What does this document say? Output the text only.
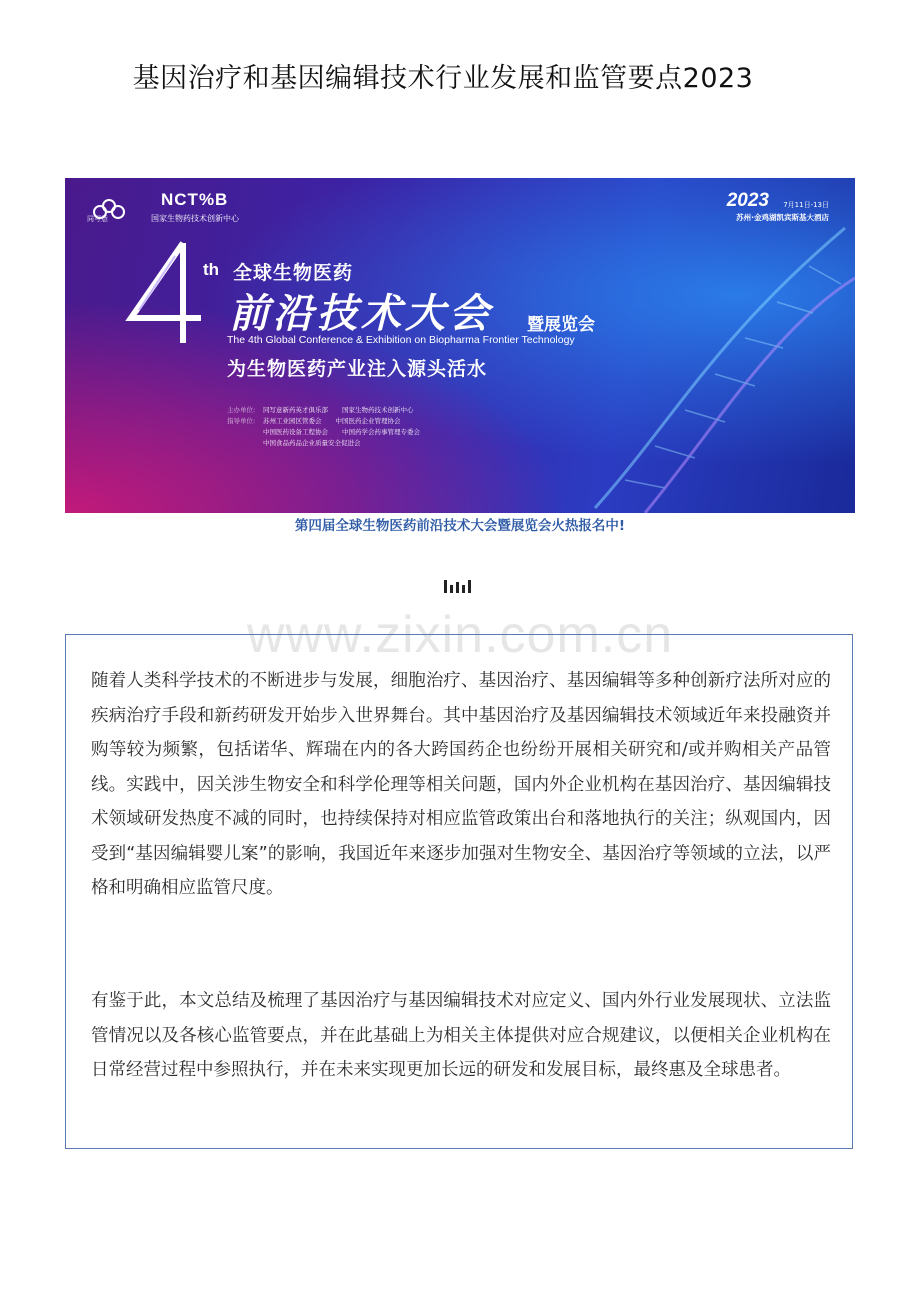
基因治疗和基因编辑技术行业发展和监管要点2023
同写意
NCT%B
国家生物药技术创新中心
2023 7月11日-13日
苏州·金鸡湖凯宾斯基大酒店
th 全球生物医药
前沿技术大会 暨展览会
The 4th Global Conference & Exhibition on Biopharma Frontier Technology
为生物医药产业注入源头活水
主办单位: 同写意新药英才俱乐部 国家生物药技术创新中心
指导单位: 苏州工业园区管委会 中国医药企业管理协会
中国医药设备工程协会 中国药学会药事管理专委会
中国食品药品企业质量安全促进会
第四届全球生物医药前沿技术大会暨展览会火热报名中!
www.zixin.com.cn

随着人类科学技术的不断进步与发展，细胞治疗、基因治疗、基因编辑等多种创新疗法所对应的疾病治疗手段和新药研发开始步入世界舞台。其中基因治疗及基因编辑技术领域近年来投融资并购等较为频繁，包括诺华、辉瑞在内的各大跨国药企也纷纷开展相关研究和/或并购相关产品管线。实践中，因关涉生物安全和科学伦理等相关问题，国内外企业机构在基因治疗、基因编辑技术领域研发热度不减的同时，也持续保持对相应监管政策出台和落地执行的关注；纵观国内，因受到“基因编辑婴儿案”的影响，我国近年来逐步加强对生物安全、基因治疗等领域的立法，以严格和明确相应监管尺度。

有鉴于此，本文总结及梳理了基因治疗与基因编辑技术对应定义、国内外行业发展现状、立法监管情况以及各核心监管要点，并在此基础上为相关主体提供对应合规建议，以便相关企业机构在日常经营过程中参照执行，并在未来实现更加长远的研发和发展目标，最终惠及全球患者。
